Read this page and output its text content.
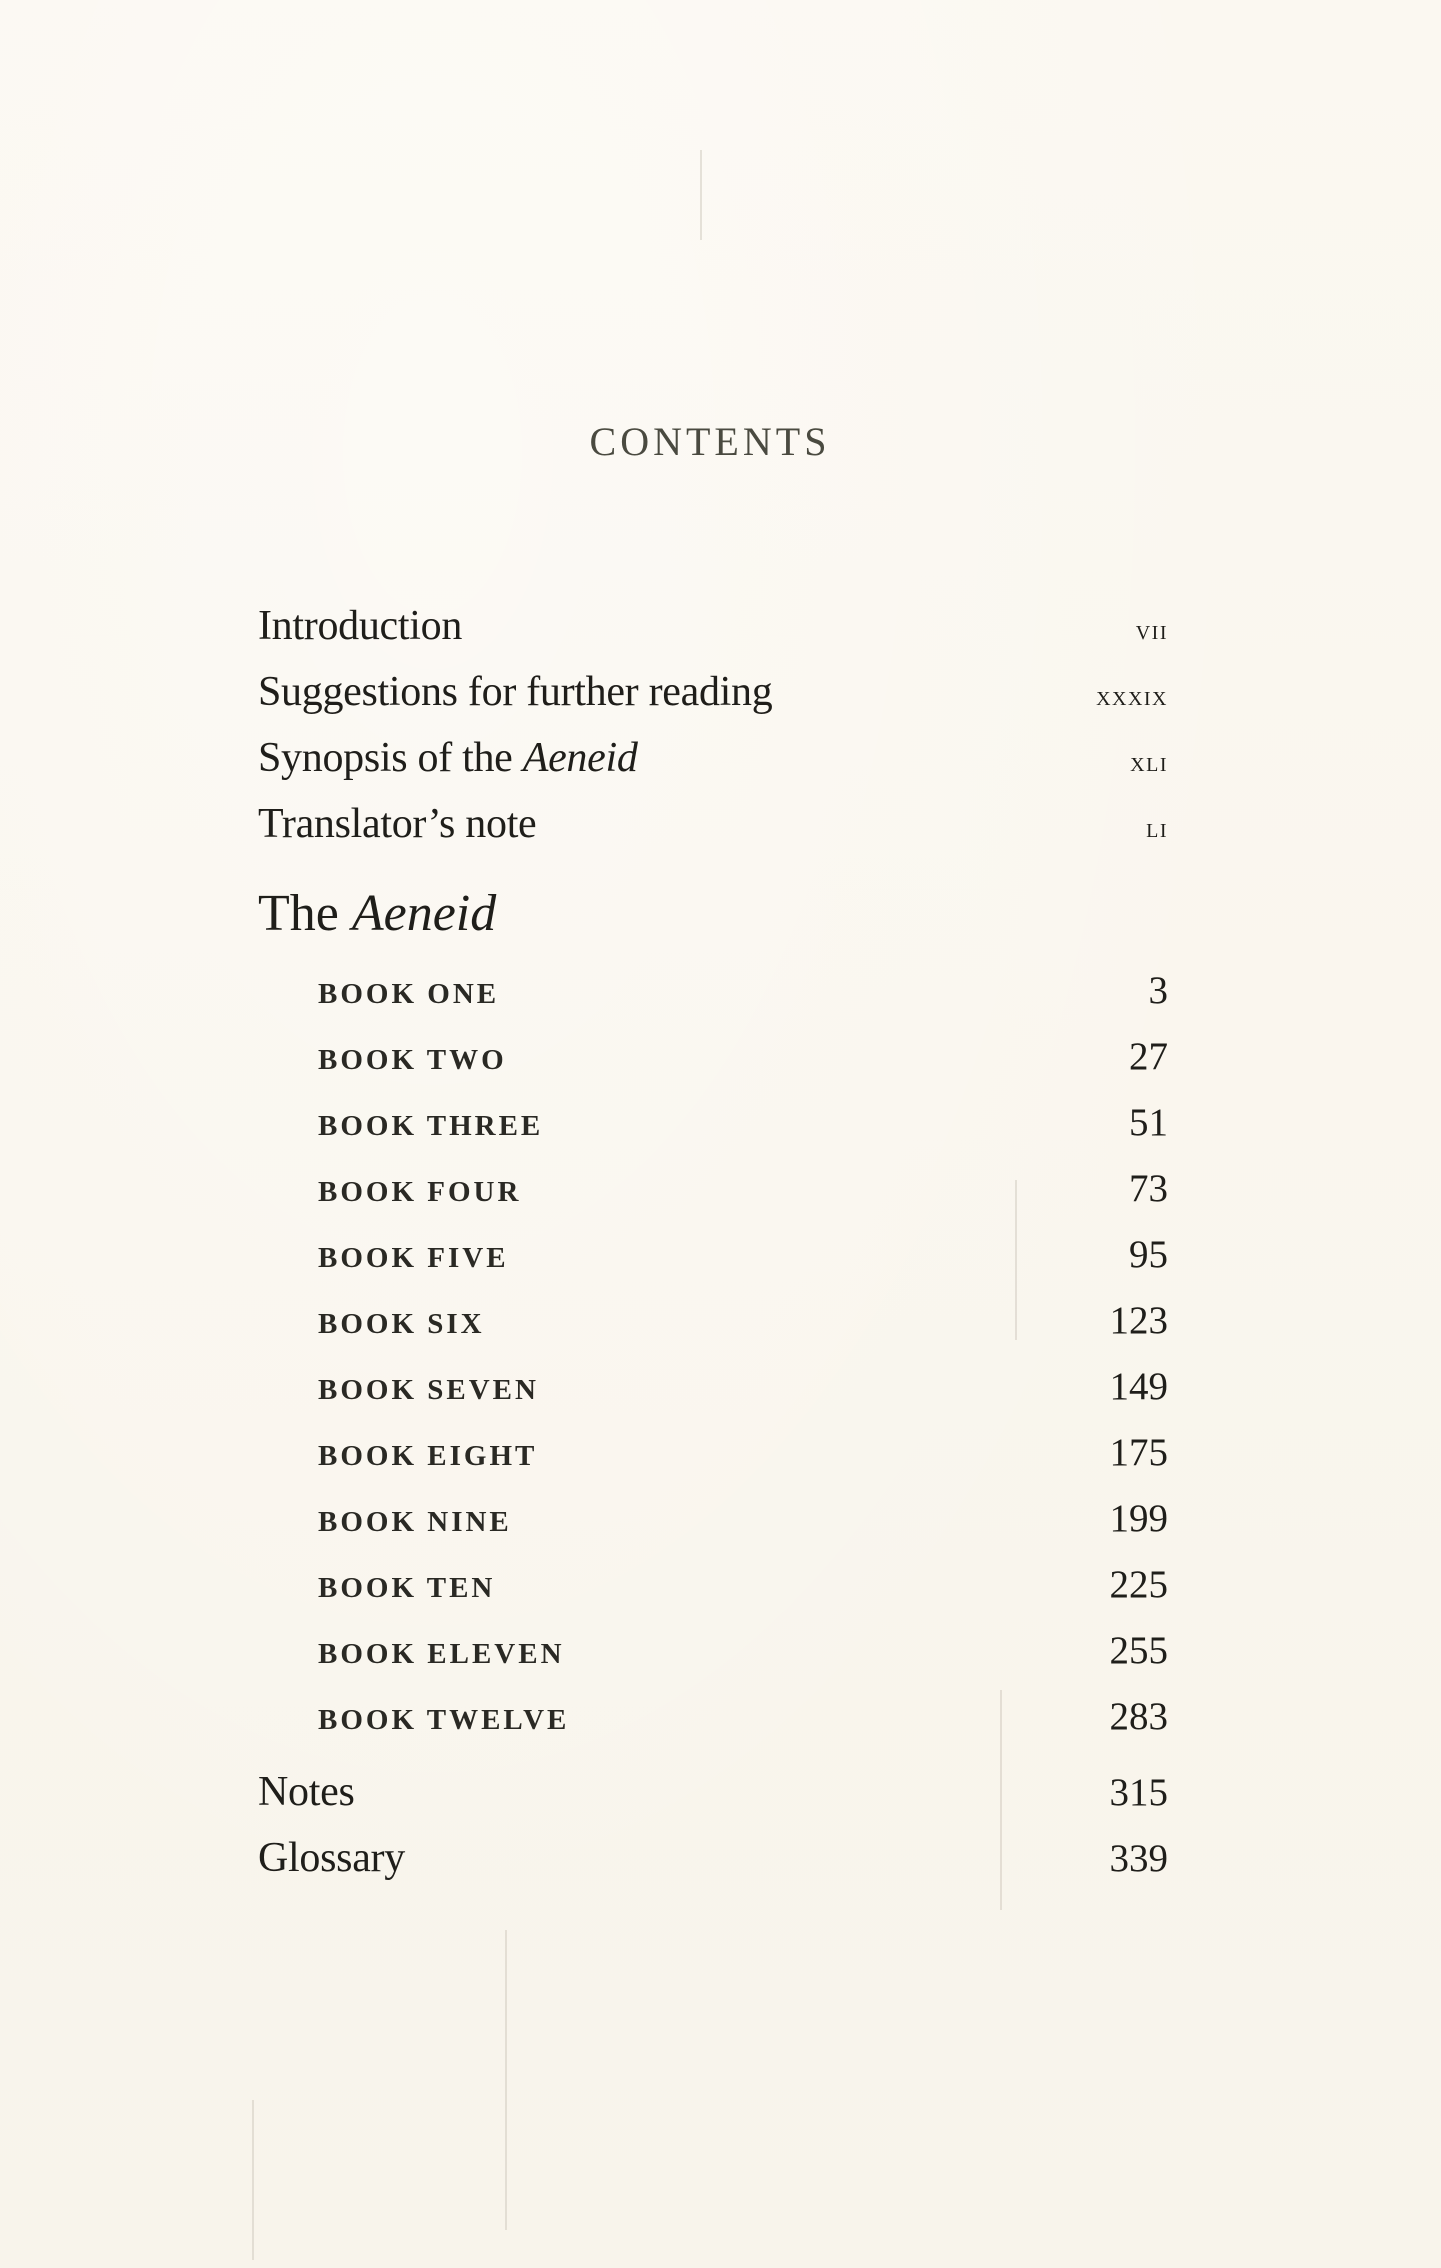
CONTENTS
Introduction	vii
Suggestions for further reading	xxxix
Synopsis of the Aeneid	xli
Translator’s note	li
The Aeneid
BOOK ONE	3
BOOK TWO	27
BOOK THREE	51
BOOK FOUR	73
BOOK FIVE	95
BOOK SIX	123
BOOK SEVEN	149
BOOK EIGHT	175
BOOK NINE	199
BOOK TEN	225
BOOK ELEVEN	255
BOOK TWELVE	283
Notes	315
Glossary	339
